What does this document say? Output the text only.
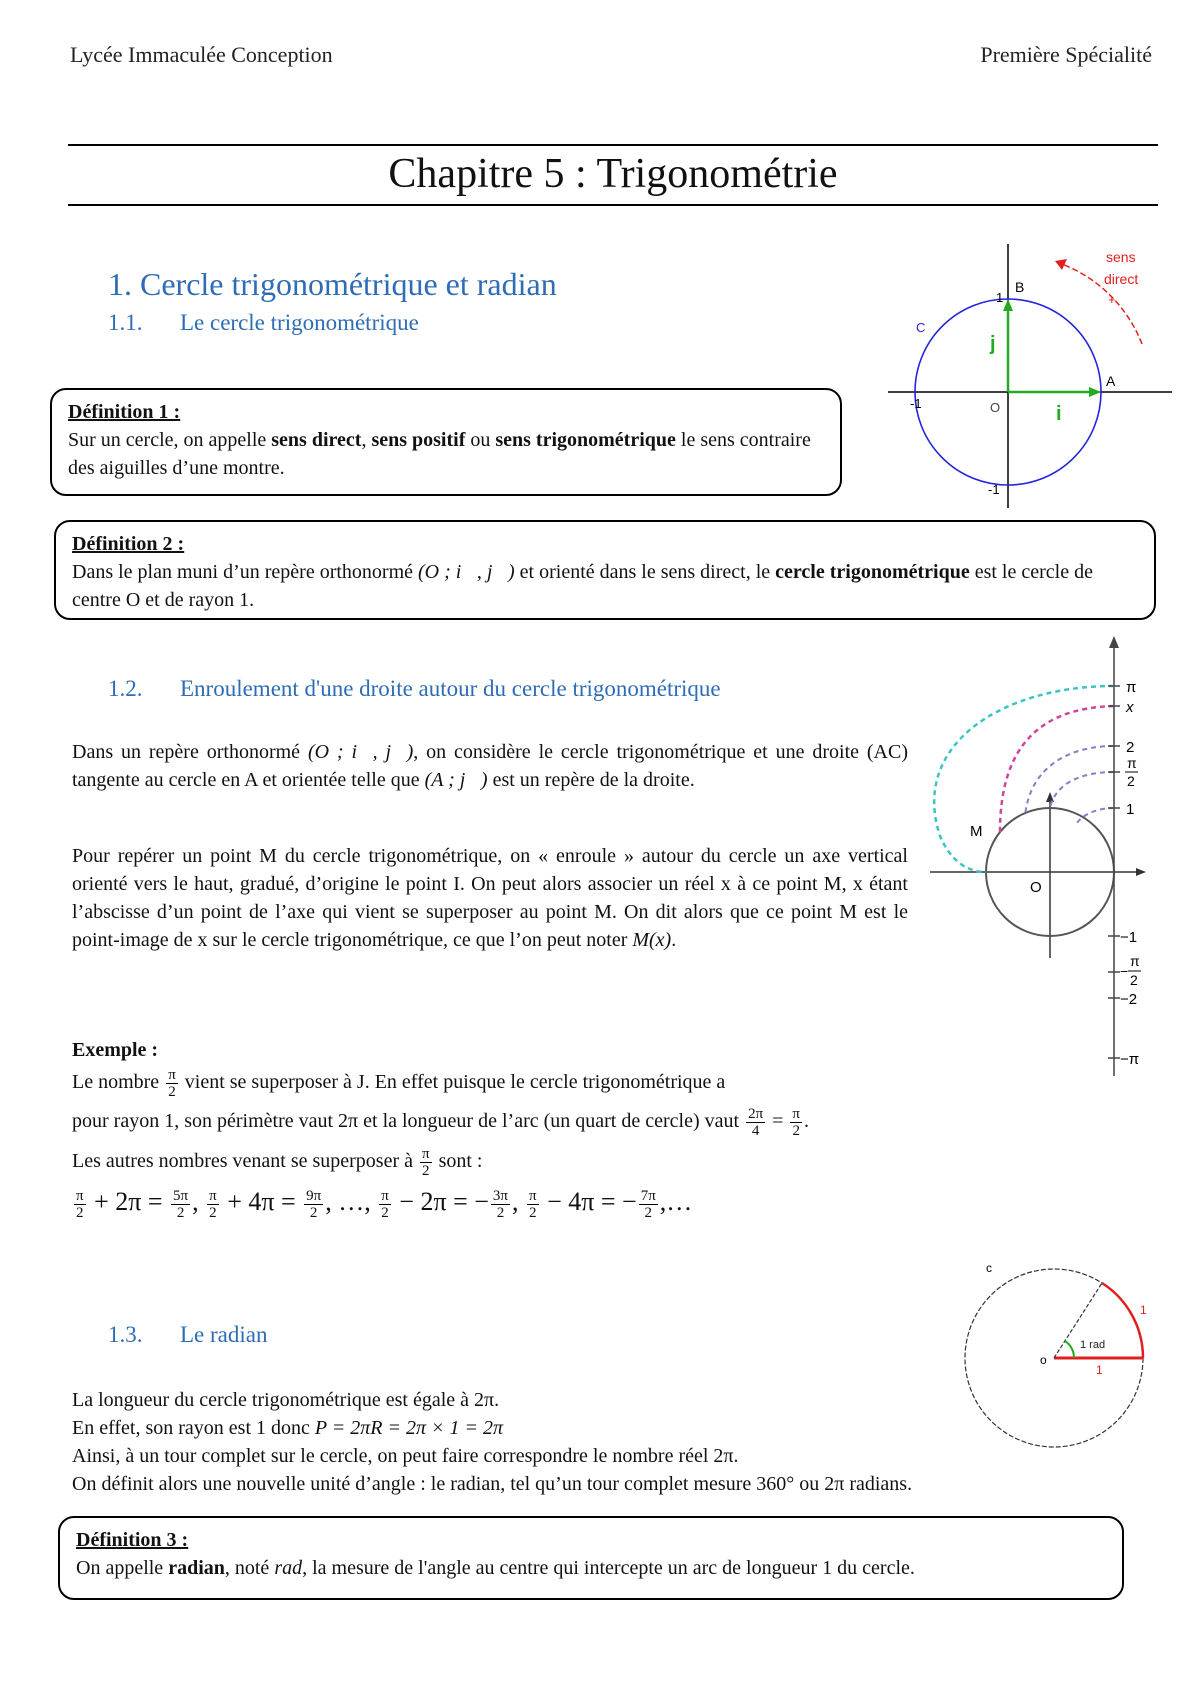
Lycée Immaculée Conception	Première Spécialité
Chapitre 5 : Trigonométrie
1. Cercle trigonométrique et radian
1.1. Le cercle trigonométrique
B
A
C
O	i
j
sens
direct
+
-1
-1
1
Définition 1 :
Sur un cercle, on appelle sens direct, sens positif ou sens trigonométrique le sens contraire des aiguilles d’une montre.
Définition 2 :
Dans le plan muni d’un repère orthonormé (O ; i⃗, j⃗) et orienté dans le sens direct, le cercle trigonométrique est le cercle de centre O et de rayon 1.
1.2. Enroulement d'une droite autour du cercle trigonométrique
Dans un repère orthonormé (O ; i⃗, j⃗), on considère le cercle trigonométrique et une droite (AC) tangente au cercle en A et orientée telle que (A ; j⃗) est un repère de la droite.
Pour repérer un point M du cercle trigonométrique, on « enroule » autour du cercle un axe vertical orienté vers le haut, gradué, d’origine le point I. On peut alors associer un réel x à ce point M, x étant l’abscisse d’un point de l’axe qui vient se superposer au point M. On dit alors que ce point M est le point-image de x sur le cercle trigonométrique, ce que l’on peut noter M(x).
π
x
2
π
2
1
−1
−
π
2
−2
−π
M
O
Exemple :
Le nombre $\frac{\pi}{2}$ vient se superposer à J. En effet puisque le cercle trigonométrique a
pour rayon 1, son périmètre vaut 2π et la longueur de l’arc (un quart de cercle) vaut $\frac{2\pi}{4} = \frac{\pi}{2}$ .
Les autres nombres venant se superposer à $\frac{\pi}{2}$ sont :
$\frac{\pi}{2} + 2\pi = \frac{5\pi}{2}$ , $\frac{\pi}{2} + 4\pi = \frac{9\pi}{2}$ , …, $\frac{\pi}{2} - 2\pi$ = − $\frac{3\pi}{2}$ , $\frac{\pi}{2} - 4\pi$ = − $\frac{7\pi}{2}$ ,…
1.3. Le radian
c
o
1 rad
1
1
La longueur du cercle trigonométrique est égale à 2π.
En effet, son rayon est 1 donc P = 2πR = 2π × 1 = 2π
Ainsi, à un tour complet sur le cercle, on peut faire correspondre le nombre réel 2π.
On définit alors une nouvelle unité d’angle : le radian, tel qu’un tour complet mesure 360° ou 2π radians.
Définition 3 :
On appelle radian, noté rad, la mesure de l'angle au centre qui intercepte un arc de longueur 1 du cercle.
